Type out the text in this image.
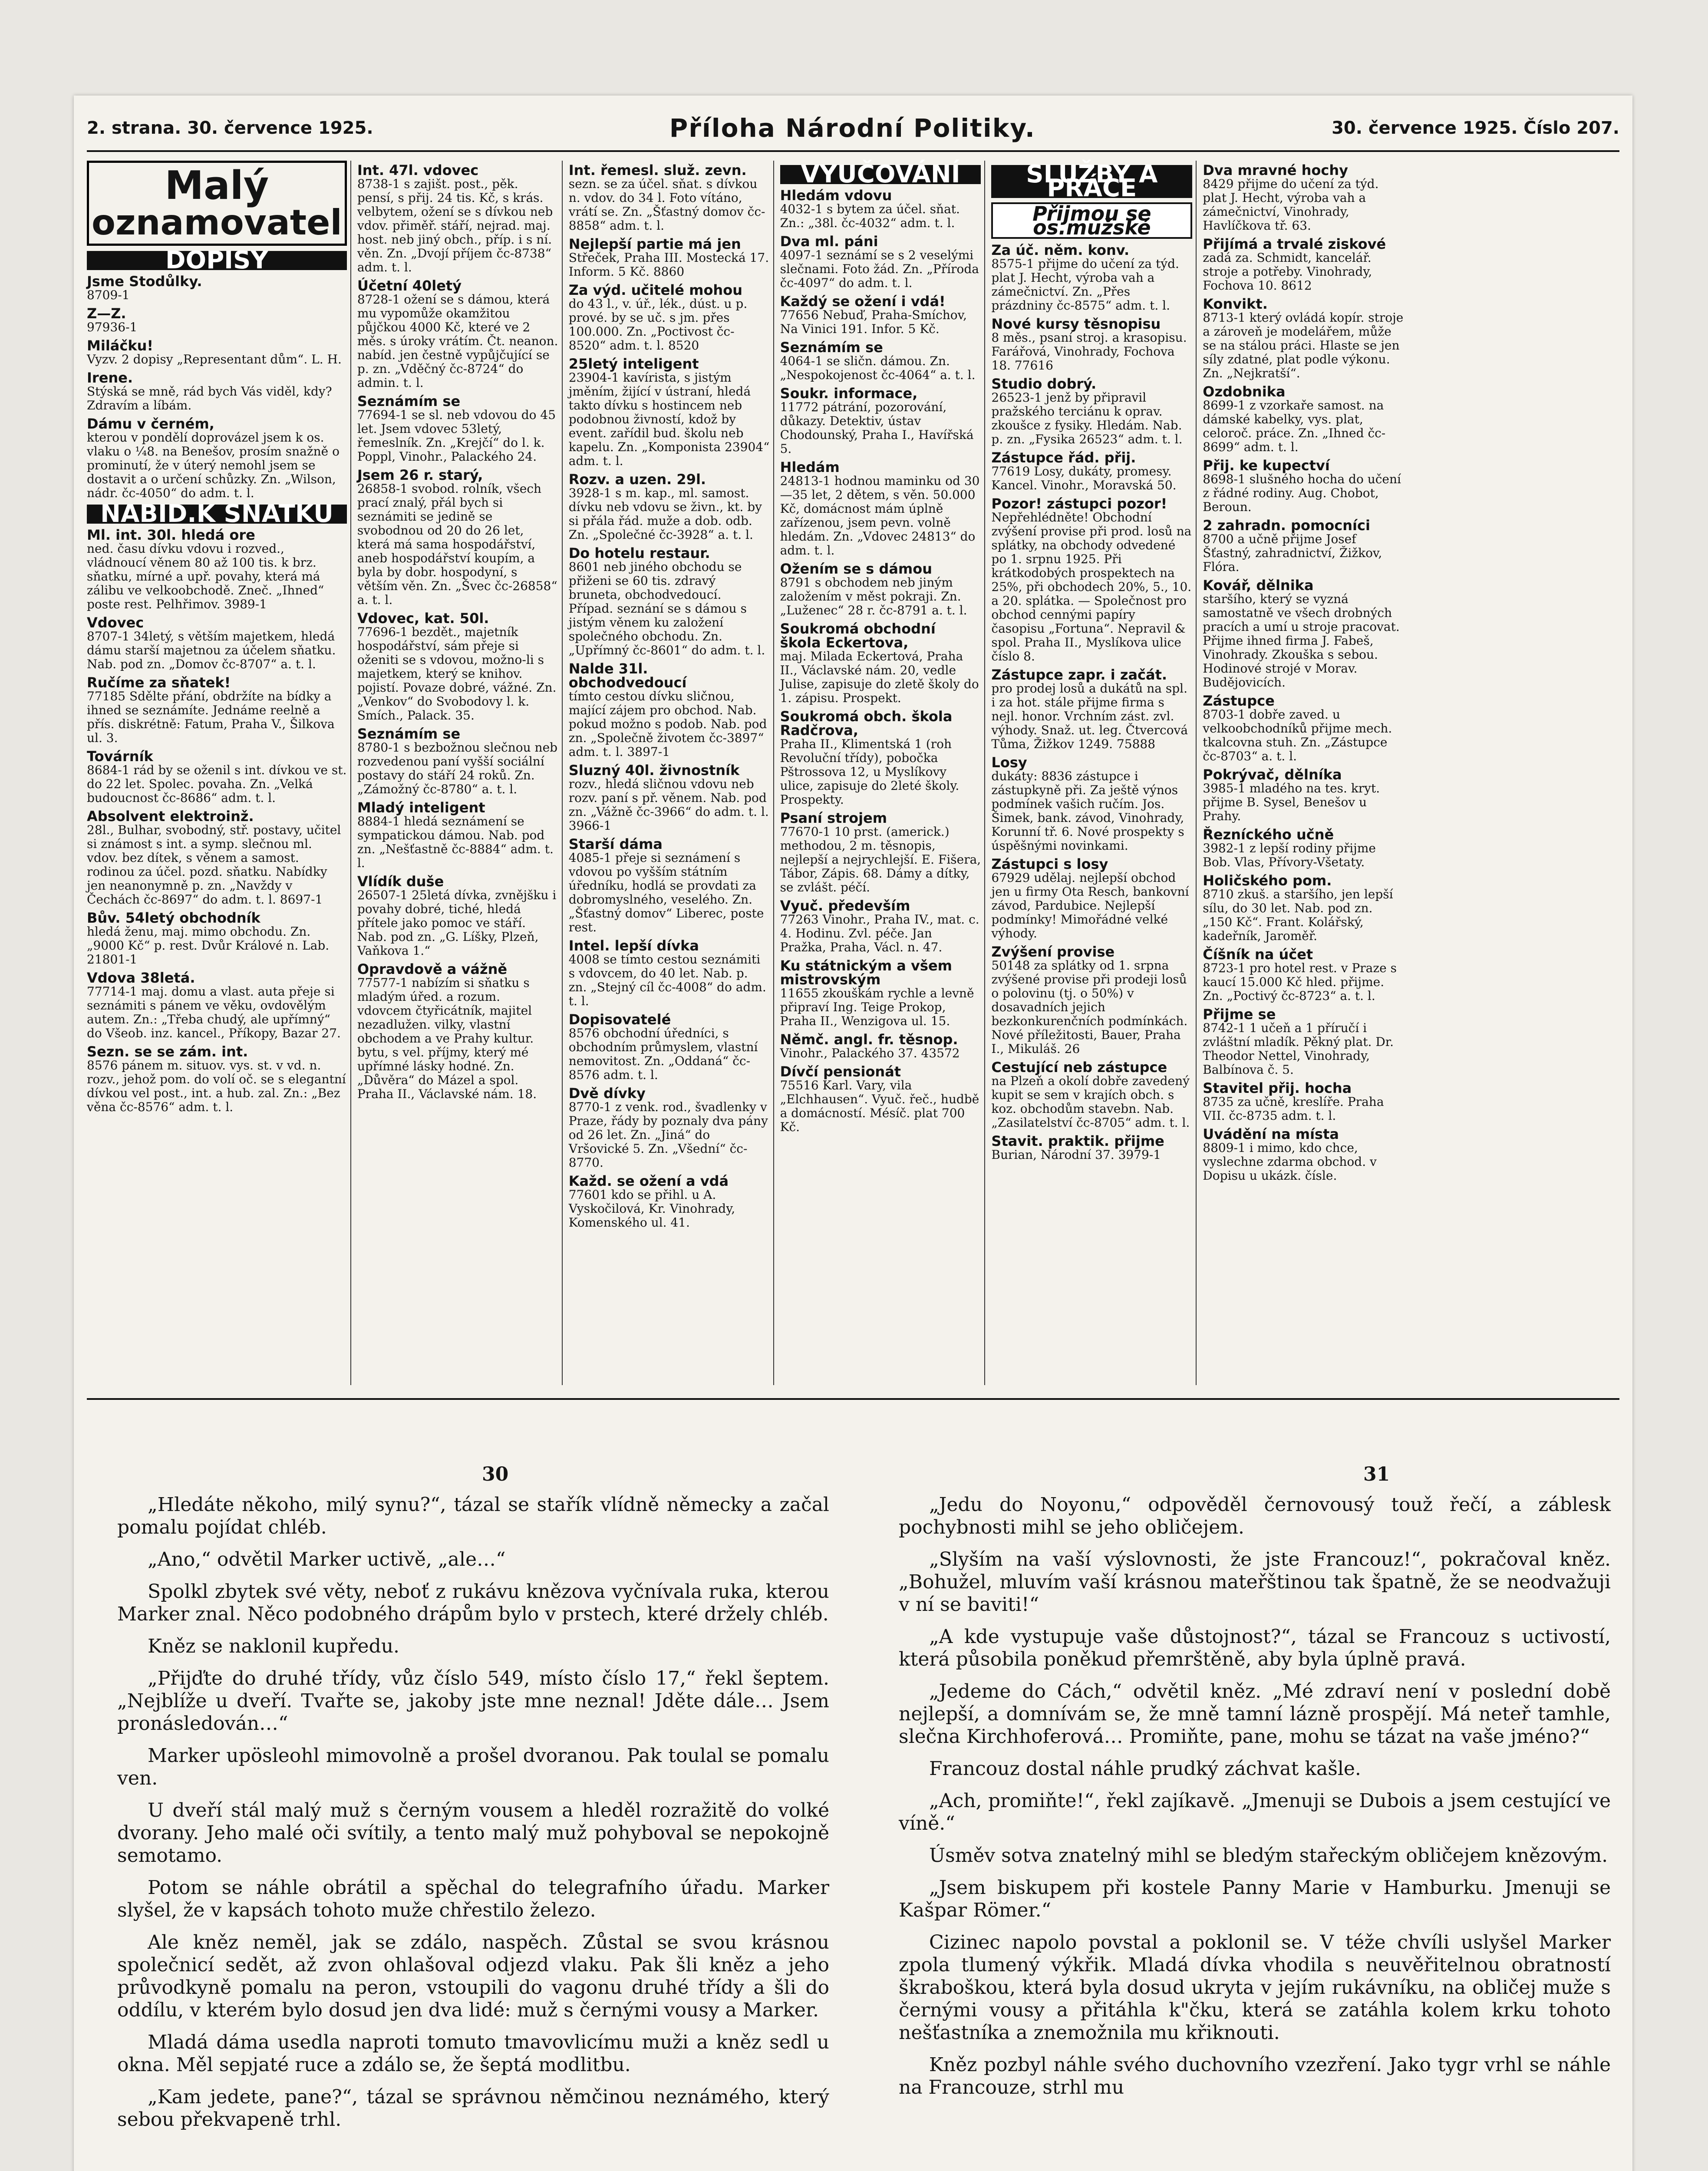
2. strana. 30. července 1925.	Příloha Národní Politiky.	30. července 1925. Číslo 207.
Malý
oznamovatel
DOPISY
Jsme Stodůlky.
8709-1
Z—Z.
97936-1
Miláčku!
Vyzv. 2 dopisy „Representant dům“. L. H.
Irene.
Stýská se mně, rád bych Vás viděl, kdy? Zdravím a líbám.
Dámu v černém,
kterou v pondělí doprovázel jsem k os. vlaku o ¼8. na Benešov, prosím snažně o prominutí, že v úterý nemohl jsem se dostavit a o určení schůzky. Zn. „Wilson, nádr. čc-4050“ do adm. t. l.
NABID.K SNATKU
Ml. int. 30l. hledá ore
ned. času dívku vdovu i rozved., vládnoucí věnem 80 až 100 tis. k brz. sňatku, mírné a upř. povahy, která má zálibu ve velkoobchodě. Zneč. „Ihned“ poste rest. Pelhřimov. 3989-1
Vdovec
8707-1 34letý, s větším majetkem, hledá dámu starší majetnou za účelem sňatku. Nab. pod zn. „Domov čc-8707“ a. t. l.
Ručíme za sňatek!
77185 Sdělte přání, obdržíte na bídky a ihned se seznámíte. Jednáme reelně a přís. diskrétně: Fatum, Praha V., Šilkova ul. 3.
Továrník
8684-1 rád by se oženil s int. dívkou ve st. do 22 let. Spolec. povaha. Zn. „Velká budoucnost čc-8686“ adm. t. l.
Absolvent elektroinž.
28l., Bulhar, svobodný, stř. postavy, učitel si známost s int. a symp. slečnou ml. vdov. bez dítek, s věnem a samost. rodinou za účel. pozd. sňatku. Nabídky jen neanonymně p. zn. „Navždy v Čechách čc-8697“ do adm. t. l. 8697-1
Bův. 54letý obchodník
hledá ženu, maj. mimo obchodu. Zn. „9000 Kč“ p. rest. Dvůr Králové n. Lab. 21801-1
Vdova 38letá.
77714-1 maj. domu a vlast. auta přeje si seznámiti s pánem ve věku, ovdovělým autem. Zn.: „Třeba chudý, ale upřímný“ do Všeob. inz. kancel., Příkopy, Bazar 27.
Sezn. se se zám. int.
8576 pánem m. situov. vys. st. v vd. n. rozv., jehož pom. do volí oč. se s elegantní dívkou vel post., int. a hub. zal. Zn.: „Bez věna čc-8576“ adm. t. l.
Int. 47l. vdovec
8738-1 s zajišt. post., pěk. pensí, s přij. 24 tis. Kč, s krás. velbytem, ožení se s dívkou neb vdov. přiměř. stáří, nejrad. maj. host. neb jiný obch., příp. i s ní. věn. Zn. „Dvojí příjem čc-8738“ adm. t. l.
Účetní 40letý
8728-1 ožení se s dámou, která mu vypomůže okamžitou půjčkou 4000 Kč, které ve 2 měs. s úroky vrátím. Čt. neanon. nabíd. jen čestně vypůjčující se p. zn. „Vděčný čc-8724“ do admin. t. l.
Seznámím se
77694-1 se sl. neb vdovou do 45 let. Jsem vdovec 53letý, řemeslník. Zn. „Krejčí“ do l. k. Poppl, Vinohr., Palackého 24.
Jsem 26 r. starý,
26858-1 svobod. rolník, všech prací znalý, přál bych si seznámiti se jedině se svobodnou od 20 do 26 let, která má sama hospodářství, aneb hospodářství koupím, a byla by dobr. hospodyní, s větším věn. Zn. „Švec čc-26858“ a. t. l.
Vdovec, kat. 50l.
77696-1 bezdět., majetník hospodářství, sám přeje si oženiti se s vdovou, možno-li s majetkem, který se knihov. pojistí. Povaze dobré, vážné. Zn. „Venkov“ do Svobodovy l. k. Smích., Palack. 35.
Seznámím se
8780-1 s bezbožnou slečnou neb rozvedenou paní vyšší sociální postavy do stáří 24 roků. Zn. „Zámožný čc-8780“ a. t. l.
Mladý inteligent
8884-1 hledá seznámení se sympatickou dámou. Nab. pod zn. „Nešťastně čc-8884“ adm. t. l.
Vlídík duše
26507-1 25letá dívka, zvnějšku i povahy dobré, tiché, hledá přítele jako pomoc ve stáří. Nab. pod zn. „G. Líšky, Plzeň, Vaňkova 1.“
Opravdově a vážně
77577-1 nabízím si sňatku s mladým úřed. a rozum. vdovcem čtyřicátník, majitel nezadlužen. vilky, vlastní obchodem a ve Prahy kultur. bytu, s vel. příjmy, který mé upřímné lásky hodné. Zn. „Důvěra“ do Mázel a spol. Praha II., Václavské nám. 18.
Int. řemesl. služ. zevn.
sezn. se za účel. sňat. s dívkou n. vdov. do 34 l. Foto vítáno, vrátí se. Zn. „Šťastný domov čc-8858“ adm. t. l.
Nejlepší partie má jen
Střeček, Praha III. Mostecká 17. Inform. 5 Kč. 8860
Za výd. učitelé mohou
do 43 l., v. úř., lék., dúst. u p. prové. by se uč. s jm. přes 100.000. Zn. „Poctivost čc-8520“ adm. t. l. 8520
25letý inteligent
23904-1 kavírista, s jistým jměním, žijící v ústraní, hledá takto dívku s hostincem neb podobnou živností, kdož by event. zařídil bud. školu neb kapelu. Zn. „Komponista 23904“ adm. t. l.
Rozv. a uzen. 29l.
3928-1 s m. kap., ml. samost. dívku neb vdovu se živn., kt. by si přála řád. muže a dob. odb. Zn. „Společné čc-3928“ a. t. l.
Do hotelu restaur.
8601 neb jiného obchodu se přiženi se 60 tis. zdravý bruneta, obchodvedoucí. Případ. seznání se s dámou s jistým věnem ku založení společného obchodu. Zn. „Upřímný čc-8601“ do adm. t. l.
Nalde 31l. obchodvedoucí
tímto cestou dívku sličnou, mající zájem pro obchod. Nab. pokud možno s podob. Nab. pod zn. „Společně životem čc-3897“ adm. t. l. 3897-1
Sluzný 40l. živnostník
rozv., hledá sličnou vdovu neb rozv. paní s př. věnem. Nab. pod zn. „Vážně čc-3966“ do adm. t. l. 3966-1
Starší dáma
4085-1 přeje si seznámení s vdovou po vyšším státním úředníku, hodlá se provdati za dobromyslného, veselého. Zn. „Šťastný domov“ Liberec, poste rest.
Intel. lepší dívka
4008 se tímto cestou seznámiti s vdovcem, do 40 let. Nab. p. zn. „Stejný cíl čc-4008“ do adm. t. l.
Dopisovatelé
8576 obchodní úředníci, s obchodním průmyslem, vlastní nemovitost. Zn. „Oddaná“ čc-8576 adm. t. l.
Dvě dívky
8770-1 z venk. rod., švadlenky v Praze, řády by poznaly dva pány od 26 let. Zn. „Jiná“ do Vršovické 5. Zn. „Všední“ čc-8770.
Každ. se ožení a vdá
77601 kdo se přihl. u A. Vyskočilová, Kr. Vinohrady, Komenského ul. 41.
VYUČOVÁNÍ
Hledám vdovu
4032-1 s bytem za účel. sňat. Zn.: „38l. čc-4032“ adm. t. l.
Dva ml. páni
4097-1 seznámí se s 2 veselými slečnami. Foto žád. Zn. „Příroda čc-4097“ do adm. t. l.
Každý se ožení i vdá!
77656 Nebuď, Praha-Smíchov, Na Vinici 191. Infor. 5 Kč.
Seznámím se
4064-1 se sličn. dámou. Zn. „Nespokojenost čc-4064“ a. t. l.
Soukr. informace,
11772 pátrání, pozorování, důkazy. Detektiv, ústav Chodounský, Praha I., Havířská 5.
Hledám
24813-1 hodnou maminku od 30—35 let, 2 dětem, s věn. 50.000 Kč, domácnost mám úplně zařízenou, jsem pevn. volně hledám. Zn. „Vdovec 24813“ do adm. t. l.
Ožením se s dámou
8791 s obchodem neb jiným založením v měst pokraji. Zn. „Luženec“ 28 r. čc-8791 a. t. l.
Soukromá obchodní škola Eckertova,
maj. Milada Eckertová, Praha II., Václavské nám. 20, vedle Julise, zapisuje do zletě školy do 1. zápisu. Prospekt.
Soukromá obch. škola Radčrova,
Praha II., Klimentská 1 (roh Revoluční třídy), pobočka Pštrossova 12, u Myslíkovy ulice, zapisuje do 2leté školy. Prospekty.
Psaní strojem
77670-1 10 prst. (americk.) methodou, 2 m. těsnopis, nejlepší a nejrychlejší. E. Fišera, Tábor, Zápis. 68. Dámy a dítky, se zvlášt. péčí.
Vyuč. především
77263 Vinohr., Praha IV., mat. c. 4. Hodinu. Zvl. péče. Jan Pražka, Praha, Václ. n. 47.
Ku státnickým a všem mistrovským
11655 zkouškám rychle a levně připraví Ing. Teige Prokop, Praha II., Wenzigova ul. 15.
Němč. angl. fr. těsnop.
Vinohr., Palackého 37. 43572
Dívčí pensionát
75516 Karl. Vary, vila „Elchhausen“. Vyuč. řeč., hudbě a domácností. Mésíč. plat 700 Kč.
SLUŽBY A PRÁCE
Přijmou se os.mužské
Za úč. něm. konv.
8575-1 přijme do učení za týd. plat J. Hecht, výroba vah a zámečnictví. Zn. „Přes prázdniny čc-8575“ adm. t. l.
Nové kursy těsnopisu
8 měs., psaní stroj. a krasopisu. Farářová, Vinohrady, Fochova 18. 77616
Studio dobrý.
26523-1 jenž by připravil pražského terciánu k oprav. zkoušce z fysiky. Hledám. Nab. p. zn. „Fysika 26523“ adm. t. l.
Zástupce řád. přij.
77619 Losy, dukáty, promesy. Kancel. Vinohr., Moravská 50.
Pozor! zástupci pozor!
Nepřehlédněte! Obchodní zvýšení provise při prod. losů na splátky, na obchody odvedené po 1. srpnu 1925. Při krátkodobých prospektech na 25%, při obchodech 20%, 5., 10. a 20. splátka. — Společnost pro obchod cennými papíry časopisu „Fortuna“. Nepravil & spol. Praha II., Myslíkova ulice číslo 8.
Zástupce zapr. i začát.
pro prodej losů a dukátů na spl. i za hot. stále přijme firma s nejl. honor. Vrchním zást. zvl. výhody. Snaž. ut. leg. Čtvercová Tůma, Žižkov 1249. 75888
Losy
dukáty: 8836 zástupce i zástupkyně při. Za ještě výnos podmínek vašich ručím. Jos. Šimek, bank. závod, Vinohrady, Korunní tř. 6. Nové prospekty s úspěšnými novinkami.
Zástupci s losy
67929 udělaj. nejlepší obchod jen u firmy Ota Resch, bankovní závod, Pardubice. Nejlepší podmínky! Mimořádné velké výhody.
Zvýšení provise
50148 za splátky od 1. srpna zvýšené provise při prodeji losů o polovinu (tj. o 50%) v dosavadních jejich bezkonkurenčních podmínkách. Nové příležitosti, Bauer, Praha I., Mikuláš. 26
Cestující neb zástupce
na Plzeň a okolí dobře zavedený kupit se sem v krajích obch. s koz. obchodům stavebn. Nab. „Zasilatelství čc-8705“ adm. t. l.
Stavit. praktik. přijme
Burian, Národní 37. 3979-1
Dva mravné hochy
8429 přijme do učení za týd. plat J. Hecht, výroba vah a zámečnictví, Vinohrady, Havlíčkova tř. 63.
Přijímá a trvalé ziskové
zadá za. Schmidt, kancelář. stroje a potřeby. Vinohrady, Fochova 10. 8612
Konvikt.
8713-1 který ovládá kopír. stroje a zároveň je modelářem, může se na stálou práci. Hlaste se jen síly zdatné, plat podle výkonu. Zn. „Nejkratší“.
Ozdobnika
8699-1 z vzorkaře samost. na dámské kabelky, vys. plat, celoroč. práce. Zn. „Ihned čc-8699“ adm. t. l.
Přij. ke kupectví
8698-1 slušného hocha do učení z řádné rodiny. Aug. Chobot, Beroun.
2 zahradn. pomocníci
8700 a učně přijme Josef Šťastný, zahradnictví, Žižkov, Flóra.
Kovář, dělnika
staršího, který se vyzná samostatně ve všech drobných pracích a umí u stroje pracovat. Přijme ihned firma J. Fabeš, Vinohrady. Zkouška s sebou. Hodinové strojé v Morav. Budějovicích.
Zástupce
8703-1 dobře zaved. u velkoobchodníků přijme mech. tkalcovna stuh. Zn. „Zástupce čc-8703“ a. t. l.
Pokrývač, dělníka
3985-1 mladého na tes. kryt. přijme B. Sysel, Benešov u Prahy.
Řezníckého učně
3982-1 z lepší rodiny přijme Bob. Vlas, Přívory-Všetaty.
Holičského pom.
8710 zkuš. a staršího, jen lepší sílu, do 30 let. Nab. pod zn. „150 Kč“. Frant. Kolářský, kadeřník, Jaroměř.
Číšník na účet
8723-1 pro hotel rest. v Praze s kaucí 15.000 Kč hled. přijme. Zn. „Poctivý čc-8723“ a. t. l.
Přijme se
8742-1 1 učeň a 1 příručí i zvláštní mladík. Pěkný plat. Dr. Theodor Nettel, Vinohrady, Balbínova č. 5.
Stavitel přij. hocha
8735 za učně, kreslíře. Praha VII. čc-8735 adm. t. l.
Uvádění na místa
8809-1 i mimo, kdo chce, vyslechne zdarma obchod. v Dopisu u ukázk. čísle.
30	31

„Hledáte někoho, milý synu?“, tázal se stařík vlídně německy a začal pomalu pojídat chléb.

„Ano,“ odvětil Marker uctivě, „ale…“

Spolkl zbytek své věty, neboť z rukávu knězova vyčnívala ruka, kterou Marker znal. Něco podobného drápům bylo v prstech, které držely chléb.

Kněz se naklonil kupředu.

„Přijďte do druhé třídy, vůz číslo 549, místo číslo 17,“ řekl šeptem. „Nejblíže u dveří. Tvařte se, jakoby jste mne neznal! Jděte dále… Jsem pronásledován…“

Marker upösleohl mimovolně a prošel dvoranou. Pak toulal se pomalu ven.

U dveří stál malý muž s černým vousem a hleděl rozražitě do volké dvorany. Jeho malé oči svítily, a tento malý muž pohyboval se nepokojně semotamo.

Potom se náhle obrátil a spěchal do telegrafního úřadu. Marker slyšel, že v kapsách tohoto muže chřestilo železo.

Ale kněz neměl, jak se zdálo, naspěch. Zůstal se svou krásnou společnicí sedět, až zvon ohlašoval odjezd vlaku. Pak šli kněz a jeho průvodkyně pomalu na peron, vstoupili do vagonu druhé třídy a šli do oddílu, v kterém bylo dosud jen dva lidé: muž s černými vousy a Marker.

Mladá dáma usedla naproti tomuto tmavovlicímu muži a kněz sedl u okna. Měl sepjaté ruce a zdálo se, že šeptá modlitbu.

„Kam jedete, pane?“, tázal se správnou němčinou neznámého, který sebou překvapeně trhl.

„Jedu do Noyonu,“ odpověděl černovousý touž řečí, a záblesk pochybnosti mihl se jeho obličejem.

„Slyším na vaší výslovnosti, že jste Francouz!“, pokračoval kněz. „Bohužel, mluvím vaší krásnou mateřštinou tak špatně, že se neodvažuji v ní se baviti!“

„A kde vystupuje vaše důstojnost?“, tázal se Francouz s uctivostí, která působila poněkud přemrštěně, aby byla úplně pravá.

„Jedeme do Cách,“ odvětil kněz. „Mé zdraví není v poslední době nejlepší, a domnívám se, že mně tamní lázně prospějí. Má neteř tamhle, slečna Kirchhoferová… Promiňte, pane, mohu se tázat na vaše jméno?“

Francouz dostal náhle prudký záchvat kašle.

„Ach, promiňte!“, řekl zajíkavě. „Jmenuji se Dubois a jsem cestující ve víně.“

Úsměv sotva znatelný mihl se bledým stařeckým obličejem knězovým.

„Jsem biskupem při kostele Panny Marie v Hamburku. Jmenuji se Kašpar Römer.“

Cizinec napolo povstal a poklonil se. V téže chvíli uslyšel Marker zpola tlumený výkřik. Mladá dívka vhodila s neuvěřitelnou obratností škraboškou, která byla dosud ukryta v jejím rukávníku, na obličej muže s černými vousy a přitáhla k"čku, která se zatáhla kolem krku tohoto nešťastníka a znemožnila mu křiknouti.

Kněz pozbyl náhle svého duchovního vzezření. Jako tygr vrhl se náhle na Francouze, strhl mu
